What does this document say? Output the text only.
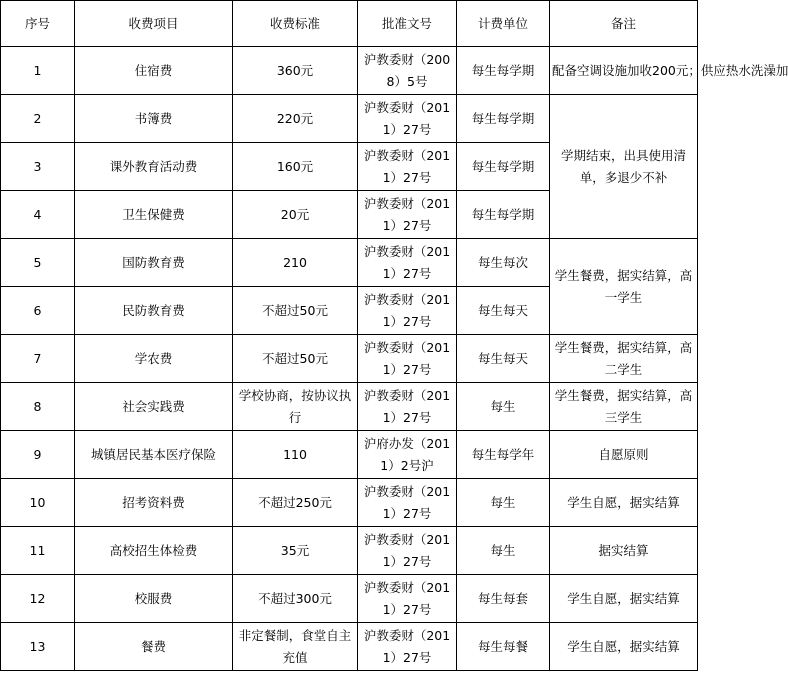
序号	收费项目	收费标准	批准文号	计费单位	备注
1	住宿费	360元	沪教委财（2008）5号	每生每学期	配备空调设施加收200元；供应热水洗澡加
2	书簿费	220元	沪教委财（2011）27号	每生每学期	学期结束，出具使用清单，多退少不补
3	课外教育活动费	160元	沪教委财（2011）27号	每生每学期	
4	卫生保健费	20元	沪教委财（2011）27号	每生每学期	
5	国防教育费	210	沪教委财（2011）27号	每生每次	学生餐费，据实结算，高一学生
6	民防教育费	不超过50元	沪教委财（2011）27号	每生每天	
7	学农费	不超过50元	沪教委财（2011）27号	每生每天	学生餐费，据实结算，高二学生
8	社会实践费	学校协商，按协议执行	沪教委财（2011）27号	每生	学生餐费，据实结算，高三学生
9	城镇居民基本医疗保险	110	沪府办发（2011）2号沪	每生每学年	自愿原则
10	招考资料费	不超过250元	沪教委财（2011）27号	每生	学生自愿，据实结算
11	高校招生体检费	35元	沪教委财（2011）27号	每生	据实结算
12	校服费	不超过300元	沪教委财（2011）27号	每生每套	学生自愿，据实结算
13	餐费	非定餐制，食堂自主充值	沪教委财（2011）27号	每生每餐	学生自愿，据实结算
